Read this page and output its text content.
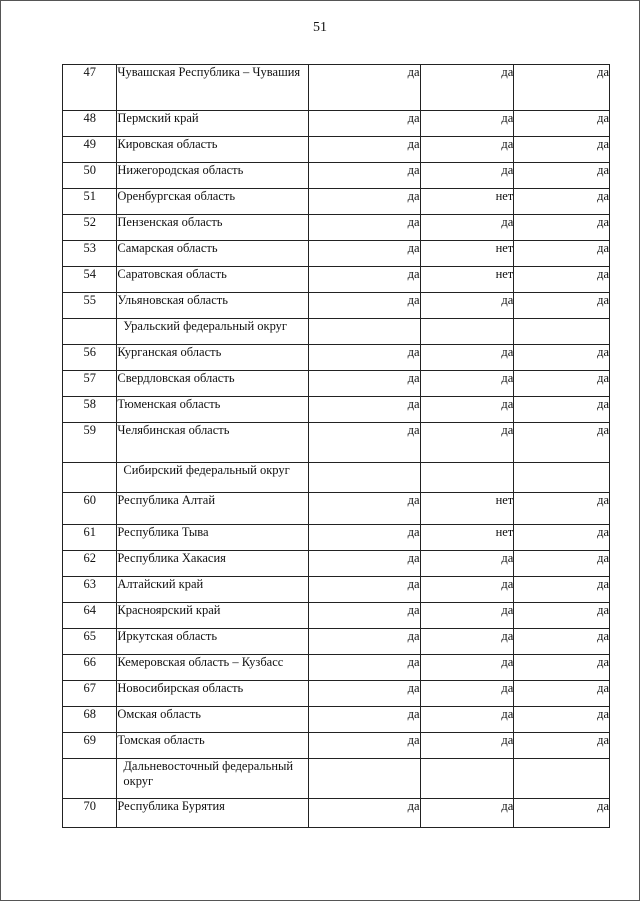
51
47	Чувашская Республика – Чувашия	да	да	да
48	Пермский край	да	да	да
49	Кировская область	да	да	да
50	Нижегородская область	да	да	да
51	Оренбургская область	да	нет	да
52	Пензенская область	да	да	да
53	Самарская область	да	нет	да
54	Саратовская область	да	нет	да
55	Ульяновская область	да	да	да
	Уральский федеральный округ			
56	Курганская область	да	да	да
57	Свердловская область	да	да	да
58	Тюменская область	да	да	да
59	Челябинская область	да	да	да
	Сибирский федеральный округ			
60	Республика Алтай	да	нет	да
61	Республика Тыва	да	нет	да
62	Республика Хакасия	да	да	да
63	Алтайский край	да	да	да
64	Красноярский край	да	да	да
65	Иркутская область	да	да	да
66	Кемеровская область – Кузбасс	да	да	да
67	Новосибирская область	да	да	да
68	Омская область	да	да	да
69	Томская область	да	да	да
	Дальневосточный федеральный округ			
70	Республика Бурятия	да	да	да
